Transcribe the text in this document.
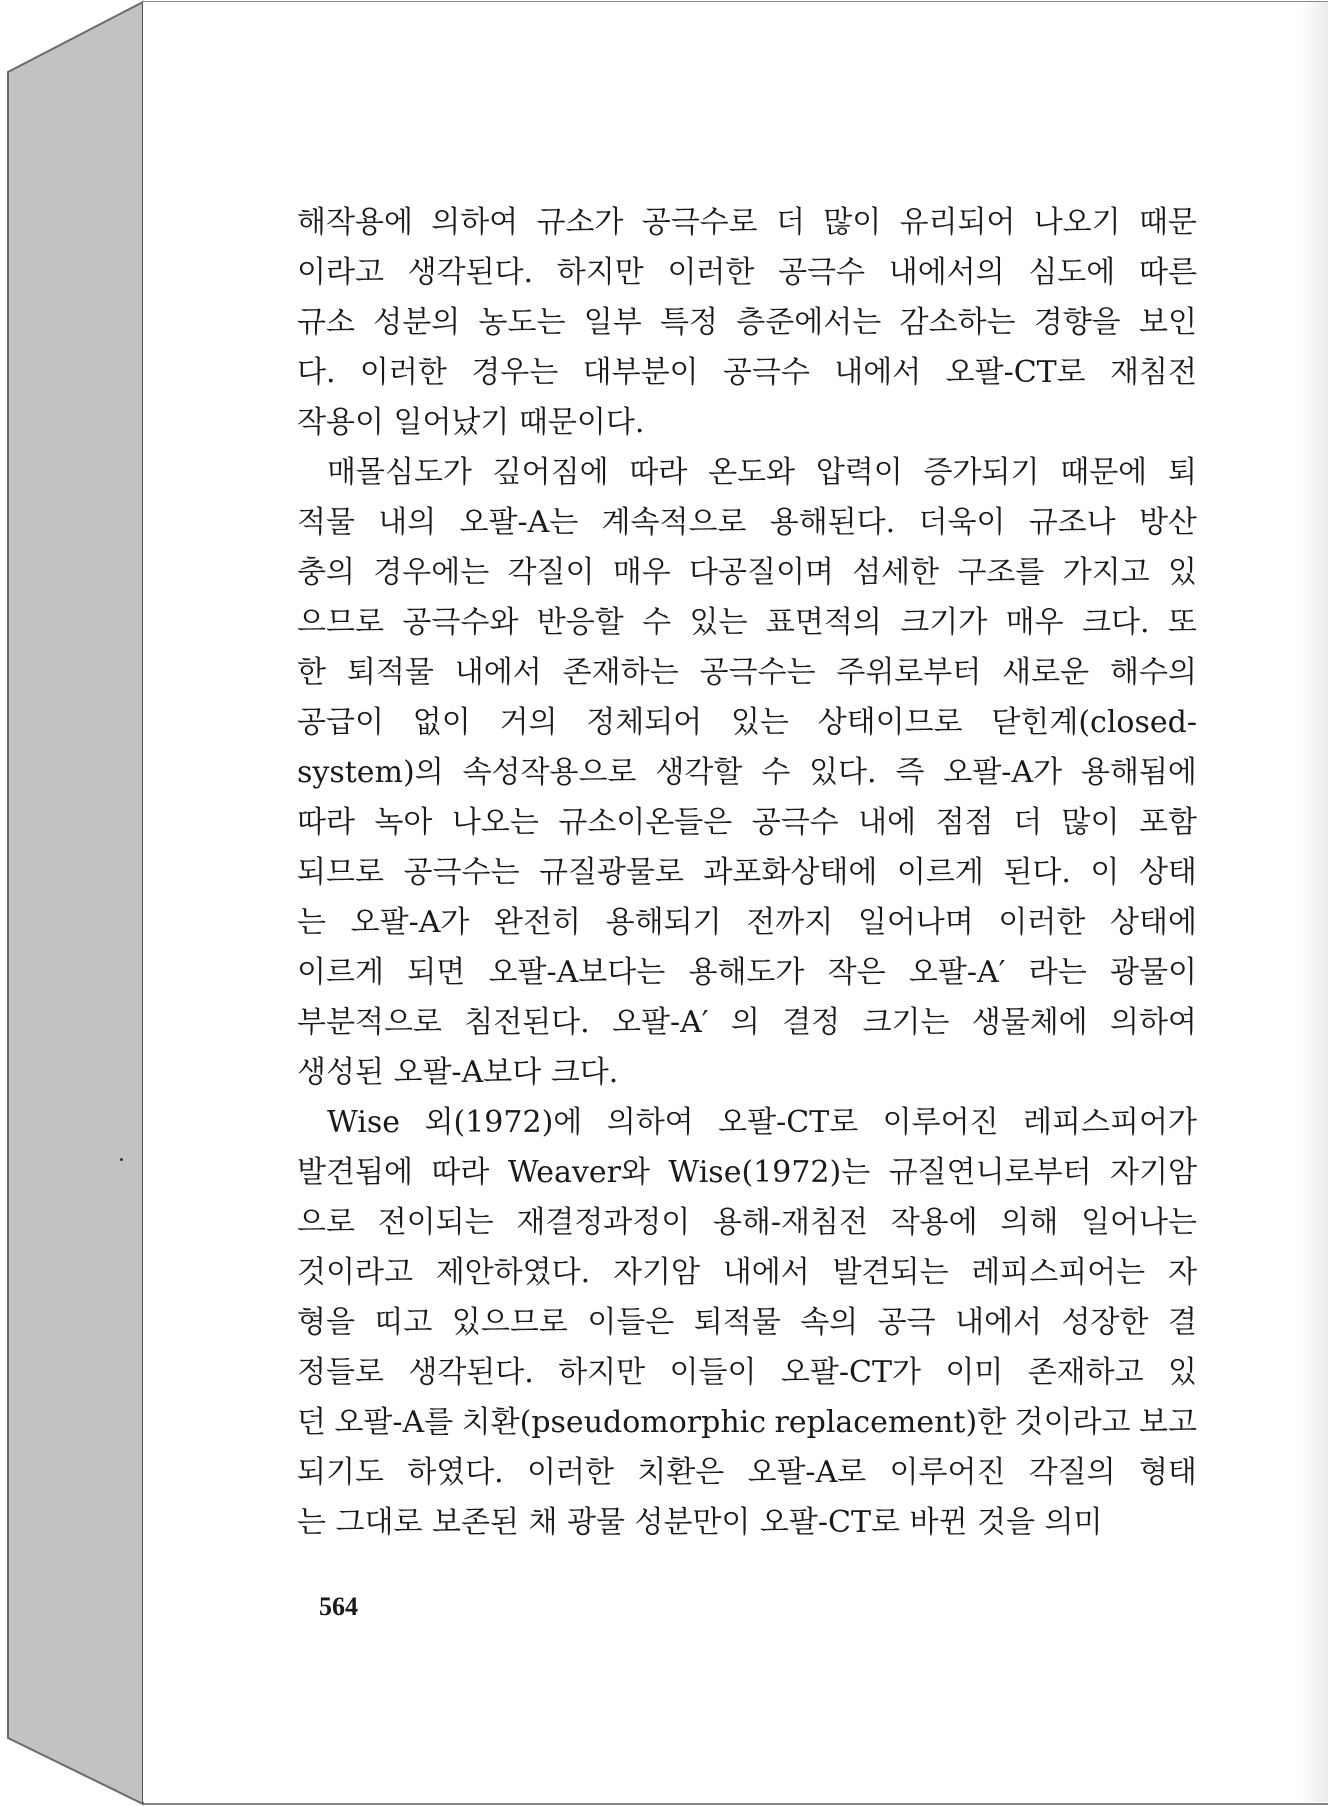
해작용에 의하여 규소가 공극수로 더 많이 유리되어 나오기 때문
이라고 생각된다. 하지만 이러한 공극수 내에서의 심도에 따른
규소 성분의 농도는 일부 특정 층준에서는 감소하는 경향을 보인
다. 이러한 경우는 대부분이 공극수 내에서 오팔-CT로 재침전
작용이 일어났기 때문이다.
매몰심도가 깊어짐에 따라 온도와 압력이 증가되기 때문에 퇴
적물 내의 오팔-A는 계속적으로 용해된다. 더욱이 규조나 방산
충의 경우에는 각질이 매우 다공질이며 섬세한 구조를 가지고 있
으므로 공극수와 반응할 수 있는 표면적의 크기가 매우 크다. 또
한 퇴적물 내에서 존재하는 공극수는 주위로부터 새로운 해수의
공급이 없이 거의 정체되어 있는 상태이므로 닫힌계(closed-
system)의 속성작용으로 생각할 수 있다. 즉 오팔-A가 용해됨에
따라 녹아 나오는 규소이온들은 공극수 내에 점점 더 많이 포함
되므로 공극수는 규질광물로 과포화상태에 이르게 된다. 이 상태
는 오팔-A가 완전히 용해되기 전까지 일어나며 이러한 상태에
이르게 되면 오팔-A보다는 용해도가 작은 오팔-A′ 라는 광물이
부분적으로 침전된다. 오팔-A′ 의 결정 크기는 생물체에 의하여
생성된 오팔-A보다 크다.
Wise 외(1972)에 의하여 오팔-CT로 이루어진 레피스피어가
발견됨에 따라 Weaver와 Wise(1972)는 규질연니로부터 자기암
으로 전이되는 재결정과정이 용해-재침전 작용에 의해 일어나는
것이라고 제안하였다. 자기암 내에서 발견되는 레피스피어는 자
형을 띠고 있으므로 이들은 퇴적물 속의 공극 내에서 성장한 결
정들로 생각된다. 하지만 이들이 오팔-CT가 이미 존재하고 있
던 오팔-A를 치환(pseudomorphic replacement)한 것이라고 보고
되기도 하였다. 이러한 치환은 오팔-A로 이루어진 각질의 형태
는 그대로 보존된 채 광물 성분만이 오팔-CT로 바뀐 것을 의미
564
